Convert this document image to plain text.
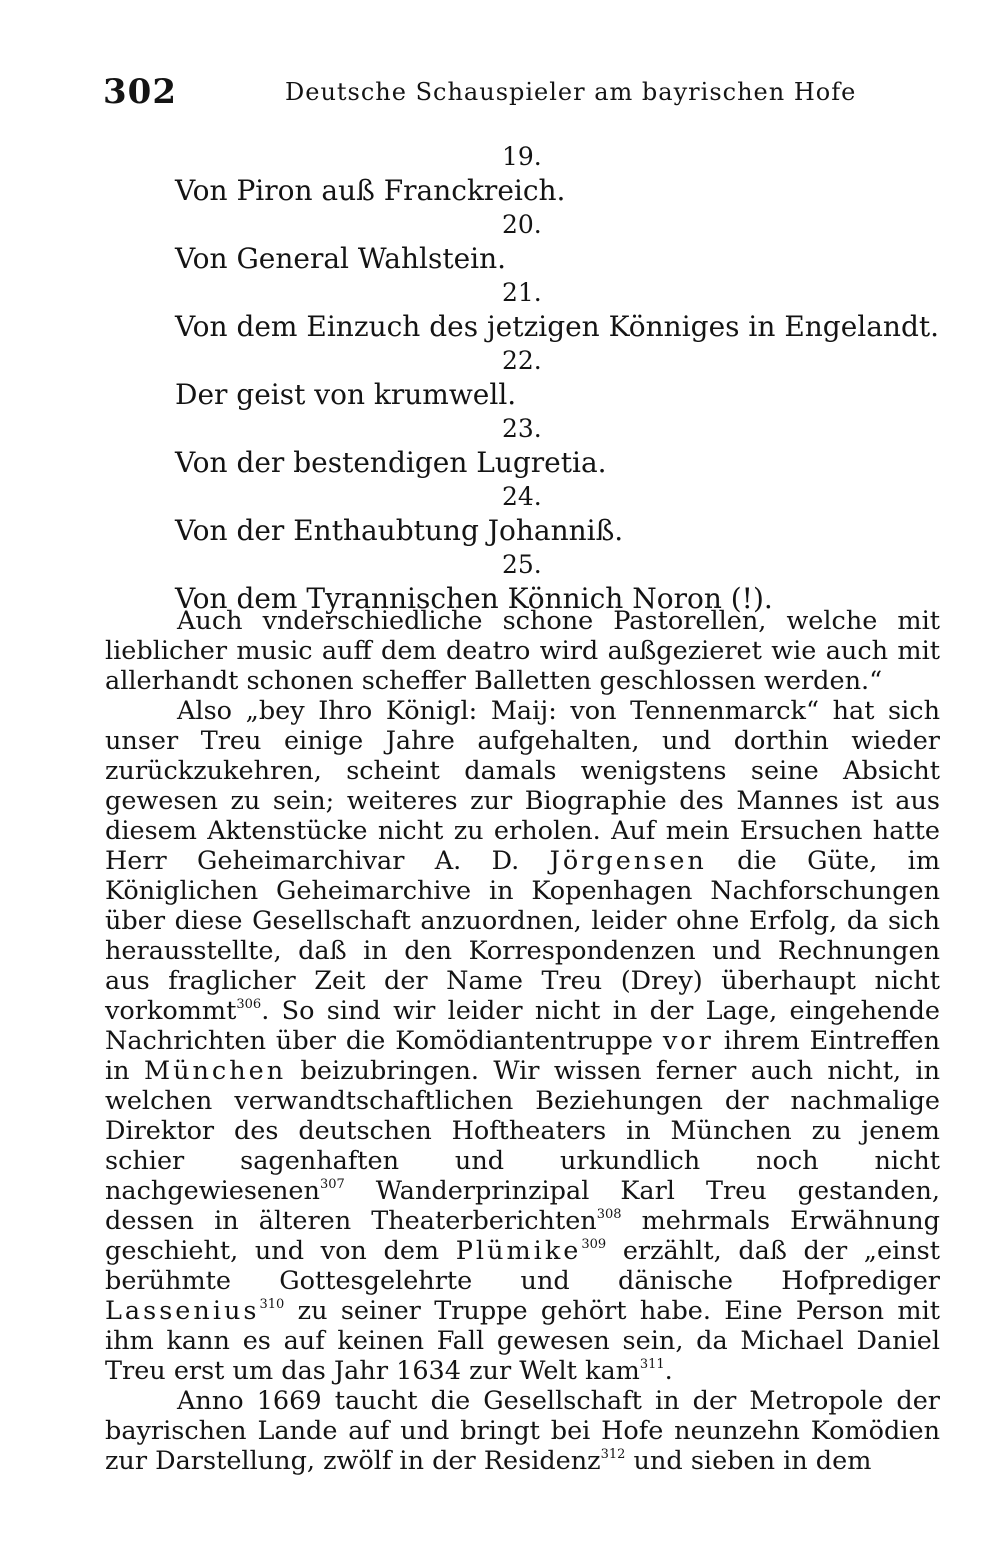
302	Deutsche Schauspieler am bayrischen Hofe
19.
Von Piron auß Franckreich.
20.
Von General Wahlstein.
21.
Von dem Einzuch des jetzigen Könniges in Engelandt.
22.
Der geist von krumwell.
23.
Von der bestendigen Lugretia.
24.
Von der Enthaubtung Johanniß.
25.
Von dem Tyrannischen Könnich Noron (!).

Auch vnderschiedliche schone Pastorellen, welche mit lieblicher music auff dem deatro wird außgezieret wie auch mit allerhandt schonen scheffer Balletten geschlossen werden.“

Also „bey Ihro Königl: Maij: von Tennenmarck“ hat sich unser Treu einige Jahre aufgehalten, und dorthin wieder zurückzukehren, scheint damals wenigstens seine Absicht gewesen zu sein; weiteres zur Biographie des Mannes ist aus diesem Aktenstücke nicht zu erholen. Auf mein Ersuchen hatte Herr Geheimarchivar A. D. Jörgensen die Güte, im Königlichen Geheimarchive in Kopenhagen Nachforschungen über diese Gesellschaft anzuordnen, leider ohne Erfolg, da sich herausstellte, daß in den Korrespondenzen und Rechnungen aus fraglicher Zeit der Name Treu (Drey) überhaupt nicht vorkommt$^{306}$. So sind wir leider nicht in der Lage, eingehende Nachrichten über die Komödiantentruppe vor ihrem Eintreffen in München beizubringen. Wir wissen ferner auch nicht, in welchen verwandtschaftlichen Beziehungen der nachmalige Direktor des deutschen Hoftheaters in München zu jenem schier sagenhaften und urkundlich noch nicht nachgewiesenen$^{307}$ Wanderprinzipal Karl Treu gestanden, dessen in älteren Theaterberichten$^{308}$ mehrmals Erwähnung geschieht, und von dem Plümike$^{309}$ erzählt, daß der „einst berühmte Gottesgelehrte und dänische Hofprediger Lassenius$^{310}$ zu seiner Truppe gehört habe. Eine Person mit ihm kann es auf keinen Fall gewesen sein, da Michael Daniel Treu erst um das Jahr 1634 zur Welt kam$^{311}$.

Anno 1669 taucht die Gesellschaft in der Metropole der bayrischen Lande auf und bringt bei Hofe neunzehn Komödien zur Darstellung, zwölf in der Residenz$^{312}$ und sieben in dem
